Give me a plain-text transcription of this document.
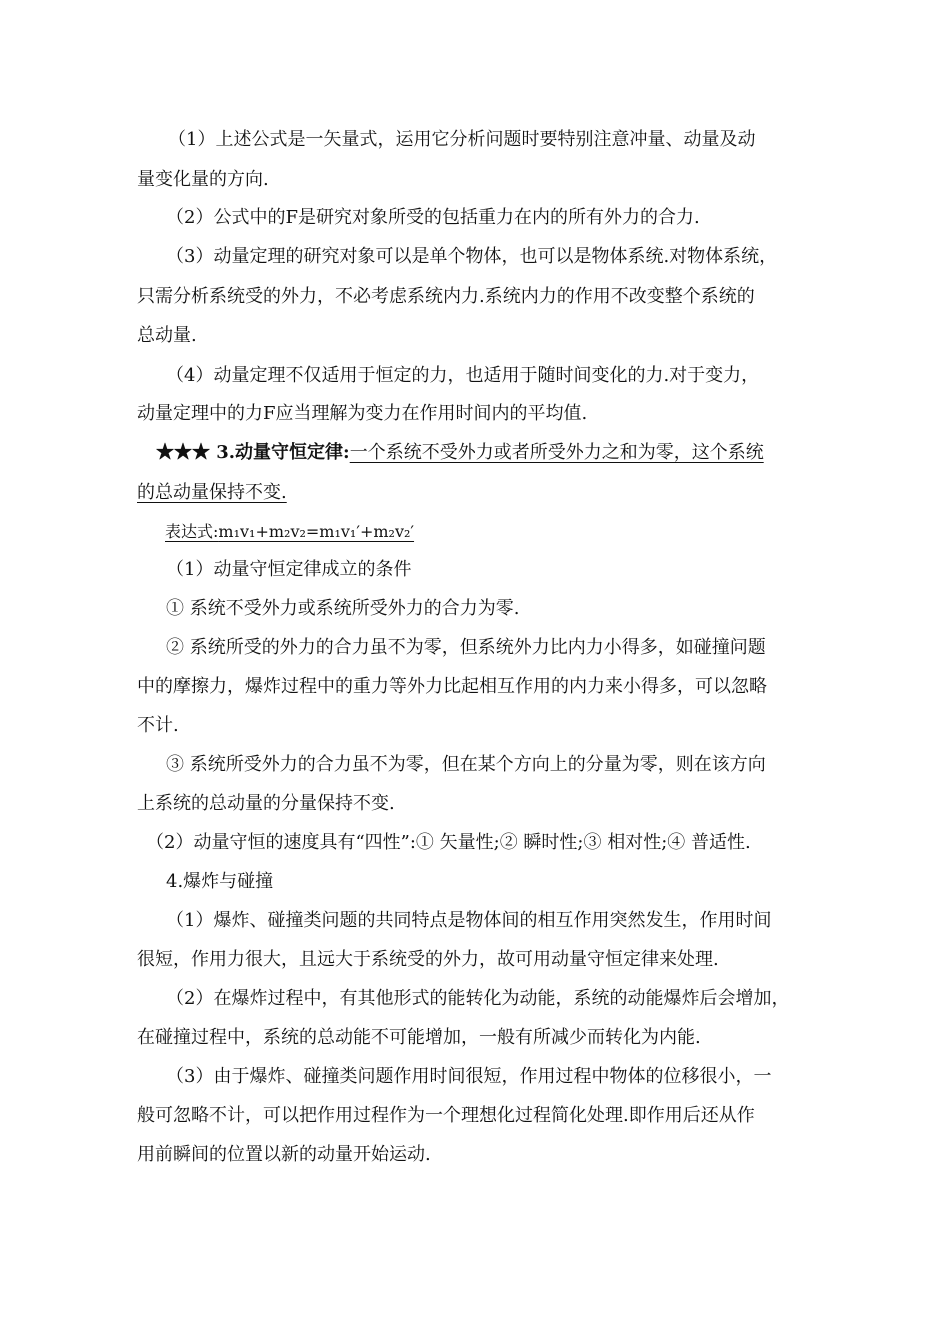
（1）上述公式是一矢量式，运用它分析问题时要特别注意冲量、动量及动
量变化量的方向.
（2）公式中的F是研究对象所受的包括重力在内的所有外力的合力.
（3）动量定理的研究对象可以是单个物体，也可以是物体系统.对物体系统，
只需分析系统受的外力，不必考虑系统内力.系统内力的作用不改变整个系统的
总动量.
（4）动量定理不仅适用于恒定的力，也适用于随时间变化的力.对于变力，
动量定理中的力F应当理解为变力在作用时间内的平均值.
★★★ 3.动量守恒定律:一个系统不受外力或者所受外力之和为零，这个系统
的总动量保持不变.
表达式:m₁v₁+m₂v₂=m₁v₁′+m₂v₂′
（1）动量守恒定律成立的条件
① 系统不受外力或系统所受外力的合力为零.
② 系统所受的外力的合力虽不为零，但系统外力比内力小得多，如碰撞问题
中的摩擦力，爆炸过程中的重力等外力比起相互作用的内力来小得多，可以忽略
不计.
③ 系统所受外力的合力虽不为零，但在某个方向上的分量为零，则在该方向
上系统的总动量的分量保持不变.
（2）动量守恒的速度具有“四性”:① 矢量性;② 瞬时性;③ 相对性;④ 普适性.
4.爆炸与碰撞
（1）爆炸、碰撞类问题的共同特点是物体间的相互作用突然发生，作用时间
很短，作用力很大，且远大于系统受的外力，故可用动量守恒定律来处理.
（2）在爆炸过程中，有其他形式的能转化为动能，系统的动能爆炸后会增加，
在碰撞过程中，系统的总动能不可能增加，一般有所减少而转化为内能.
（3）由于爆炸、碰撞类问题作用时间很短，作用过程中物体的位移很小，一
般可忽略不计，可以把作用过程作为一个理想化过程简化处理.即作用后还从作
用前瞬间的位置以新的动量开始运动.
